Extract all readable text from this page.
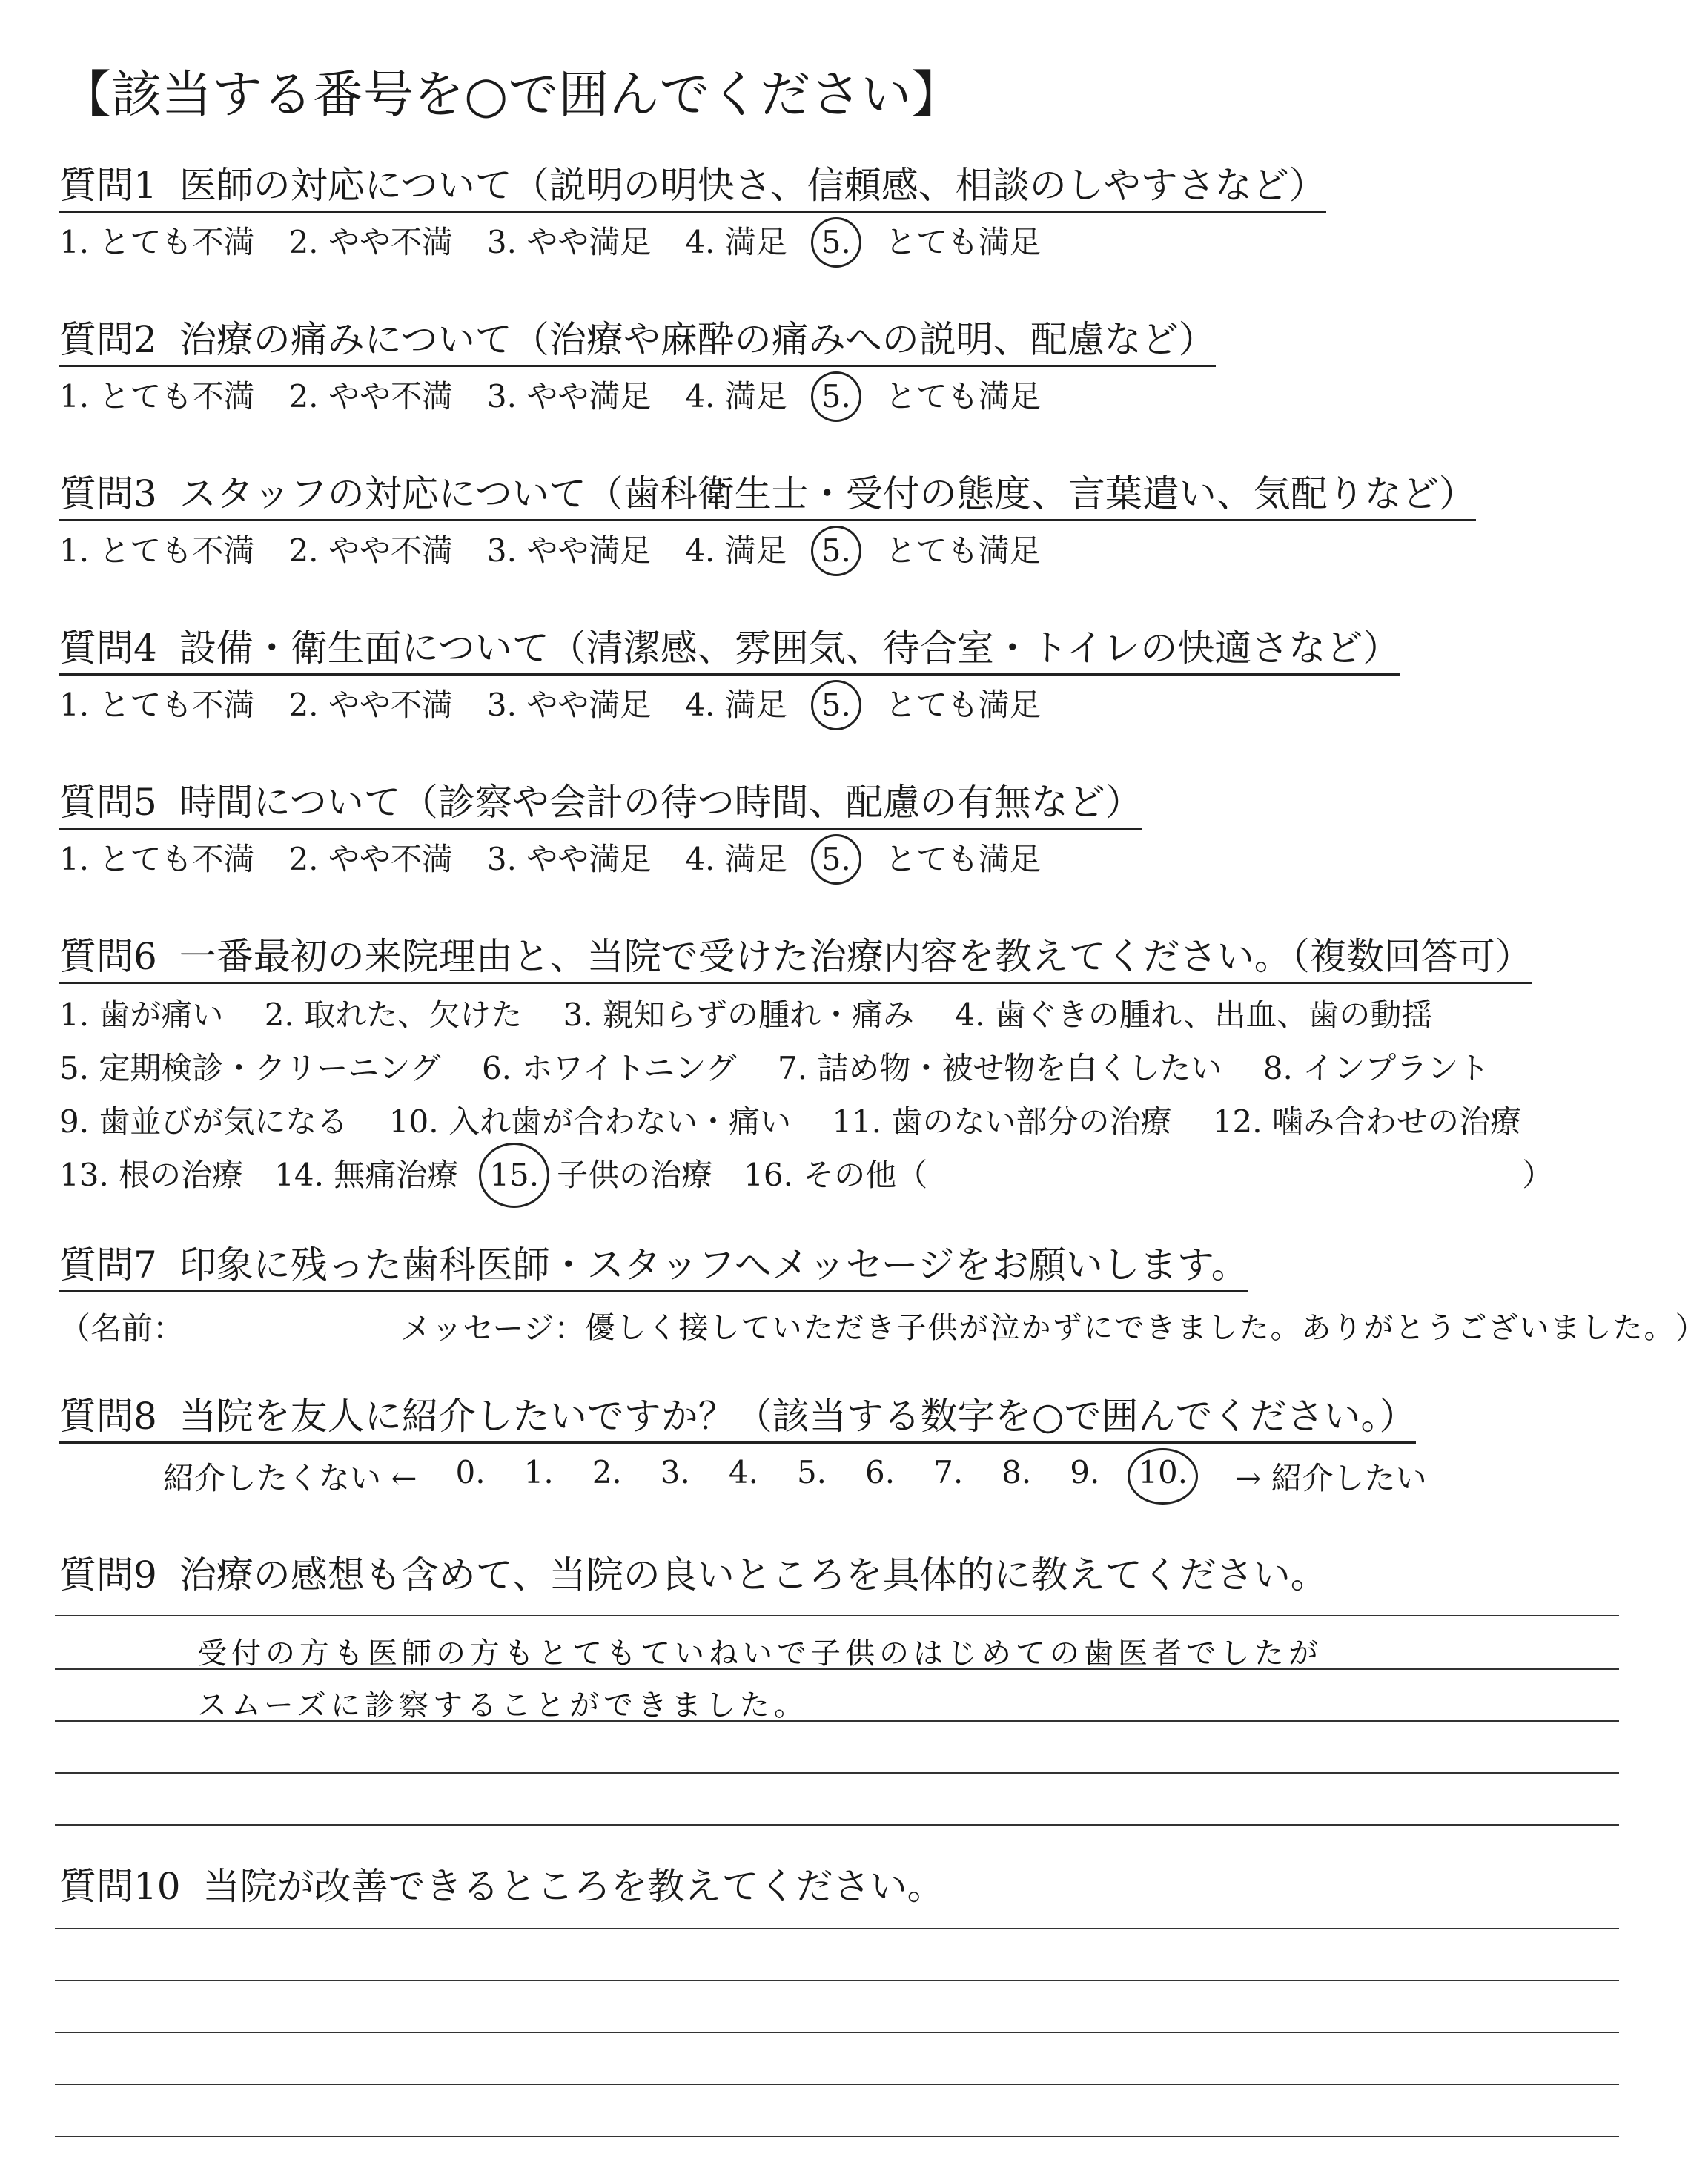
【該当する番号を○で囲んでください】
質問1 医師の対応について（説明の明快さ、信頼感、相談のしやすさなど）
1. とても不満 2. やや不満 3. やや満足 4. 満足 5. とても満足
質問2 治療の痛みについて（治療や麻酔の痛みへの説明、配慮など）
1. とても不満 2. やや不満 3. やや満足 4. 満足 5. とても満足
質問3 スタッフの対応について（歯科衛生士・受付の態度、言葉遣い、気配りなど）
1. とても不満 2. やや不満 3. やや満足 4. 満足 5. とても満足
質問4 設備・衛生面について（清潔感、雰囲気、待合室・トイレの快適さなど）
1. とても不満 2. やや不満 3. やや満足 4. 満足 5. とても満足
質問5 時間について（診察や会計の待つ時間、配慮の有無など）
1. とても不満 2. やや不満 3. やや満足 4. 満足 5. とても満足
質問6 一番最初の来院理由と、当院で受けた治療内容を教えてください。（複数回答可）
1. 歯が痛い 2. 取れた、欠けた 3. 親知らずの腫れ・痛み 4. 歯ぐきの腫れ、出血、歯の動揺
5. 定期検診・クリーニング 6. ホワイトニング 7. 詰め物・被せ物を白くしたい 8. インプラント
9. 歯並びが気になる 10. 入れ歯が合わない・痛い 11. 歯のない部分の治療 12. 噛み合わせの治療
13. 根の治療 14. 無痛治療 15. 子供の治療 16. その他（	）
質問7 印象に残った歯科医師・スタッフへメッセージをお願いします。
（名前：	メッセージ： 優しく接していただき子供が泣かずにできました。ありがとうございました。 ）
質問8 当院を友人に紹介したいですか？（該当する数字を○で囲んでください。）
紹介したくない ← 0. 1. 2. 3. 4. 5. 6. 7. 8. 9. 10. → 紹介したい
質問9 治療の感想も含めて、当院の良いところを具体的に教えてください。
受付の方も医師の方もとてもていねいで子供のはじめての歯医者でしたが
スムーズに診察することができました。
質問10 当院が改善できるところを教えてください。
